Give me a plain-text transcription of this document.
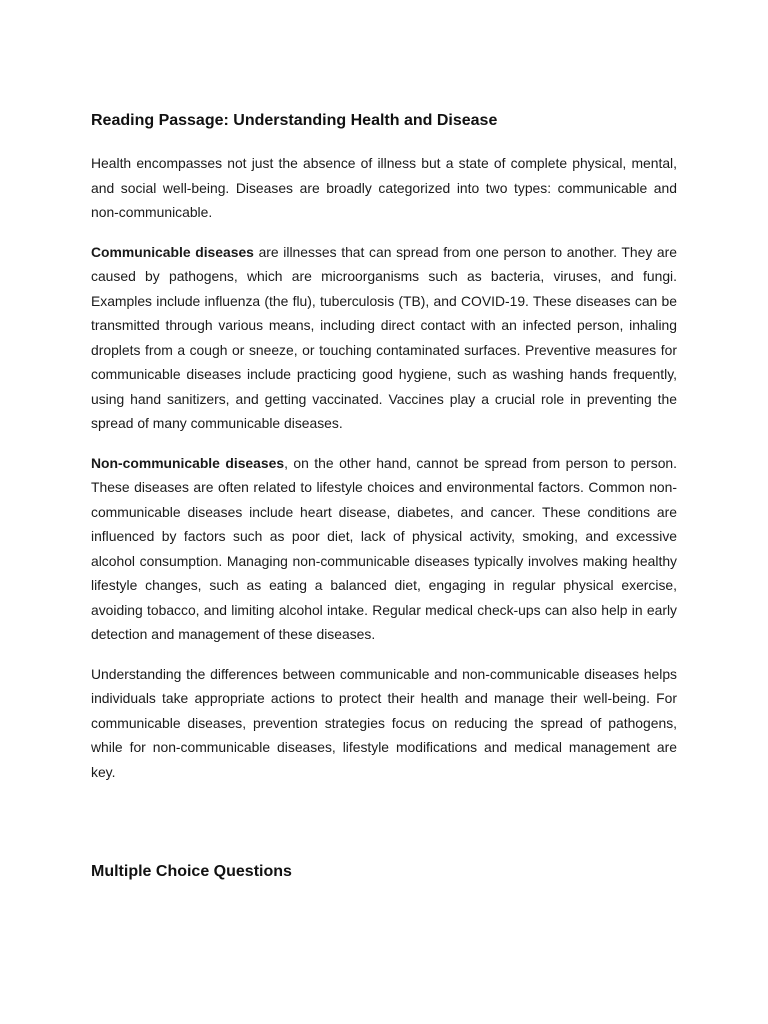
Reading Passage: Understanding Health and Disease

Health encompasses not just the absence of illness but a state of complete physical, mental, and social well-being. Diseases are broadly categorized into two types: communicable and non-communicable.

Communicable diseases are illnesses that can spread from one person to another. They are caused by pathogens, which are microorganisms such as bacteria, viruses, and fungi. Examples include influenza (the flu), tuberculosis (TB), and COVID-19. These diseases can be transmitted through various means, including direct contact with an infected person, inhaling droplets from a cough or sneeze, or touching contaminated surfaces. Preventive measures for communicable diseases include practicing good hygiene, such as washing hands frequently, using hand sanitizers, and getting vaccinated. Vaccines play a crucial role in preventing the spread of many communicable diseases.

Non-communicable diseases, on the other hand, cannot be spread from person to person. These diseases are often related to lifestyle choices and environmental factors. Common non-communicable diseases include heart disease, diabetes, and cancer. These conditions are influenced by factors such as poor diet, lack of physical activity, smoking, and excessive alcohol consumption. Managing non-communicable diseases typically involves making healthy lifestyle changes, such as eating a balanced diet, engaging in regular physical exercise, avoiding tobacco, and limiting alcohol intake. Regular medical check-ups can also help in early detection and management of these diseases.

Understanding the differences between communicable and non-communicable diseases helps individuals take appropriate actions to protect their health and manage their well-being. For communicable diseases, prevention strategies focus on reducing the spread of pathogens, while for non-communicable diseases, lifestyle modifications and medical management are key.

Multiple Choice Questions
